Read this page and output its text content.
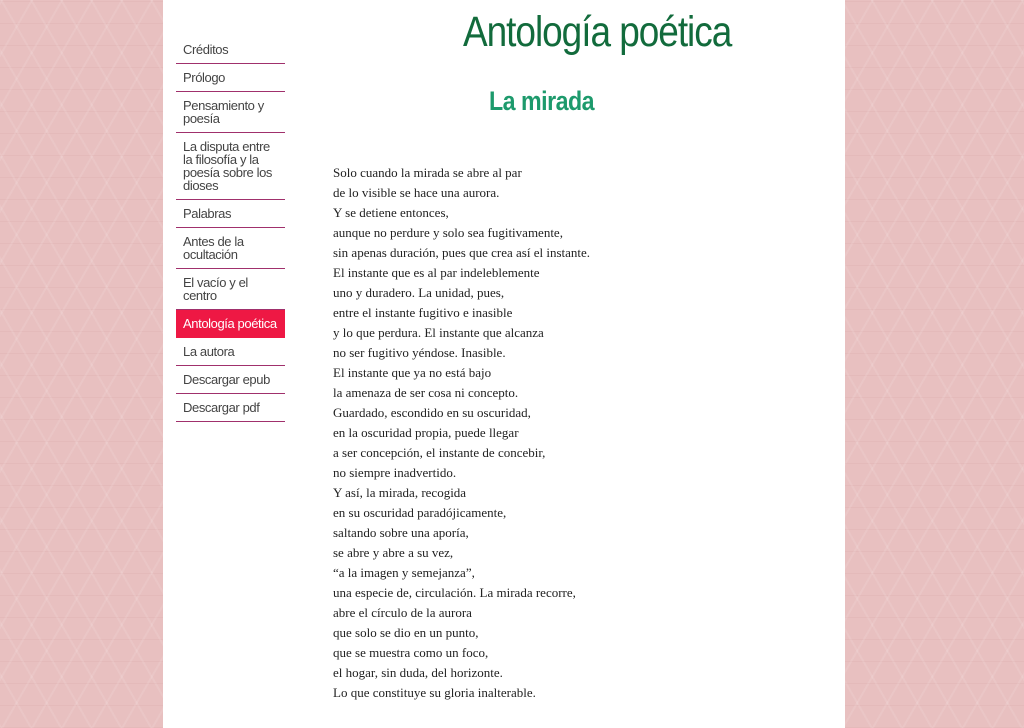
Créditos
Prólogo
Pensamiento y poesía
La disputa entre la filosofía y la poesía sobre los dioses
Palabras
Antes de la ocultación
El vacío y el centro
Antología poética
La autora
Descargar epub
Descargar pdf
Antología poética
La mirada
Solo cuando la mirada se abre al par
de lo visible se hace una aurora.
Y se detiene entonces,
aunque no perdure y solo sea fugitivamente,
sin apenas duración, pues que crea así el instante.
El instante que es al par indeleblemente
uno y duradero. La unidad, pues,
entre el instante fugitivo e inasible
y lo que perdura. El instante que alcanza
no ser fugitivo yéndose. Inasible.
El instante que ya no está bajo
la amenaza de ser cosa ni concepto.
Guardado, escondido en su oscuridad,
en la oscuridad propia, puede llegar
a ser concepción, el instante de concebir,
no siempre inadvertido.
Y así, la mirada, recogida
en su oscuridad paradójicamente,
saltando sobre una aporía,
se abre y abre a su vez,
“a la imagen y semejanza”,
una especie de, circulación. La mirada recorre,
abre el círculo de la aurora
que solo se dio en un punto,
que se muestra como un foco,
el hogar, sin duda, del horizonte.
Lo que constituye su gloria inalterable.
